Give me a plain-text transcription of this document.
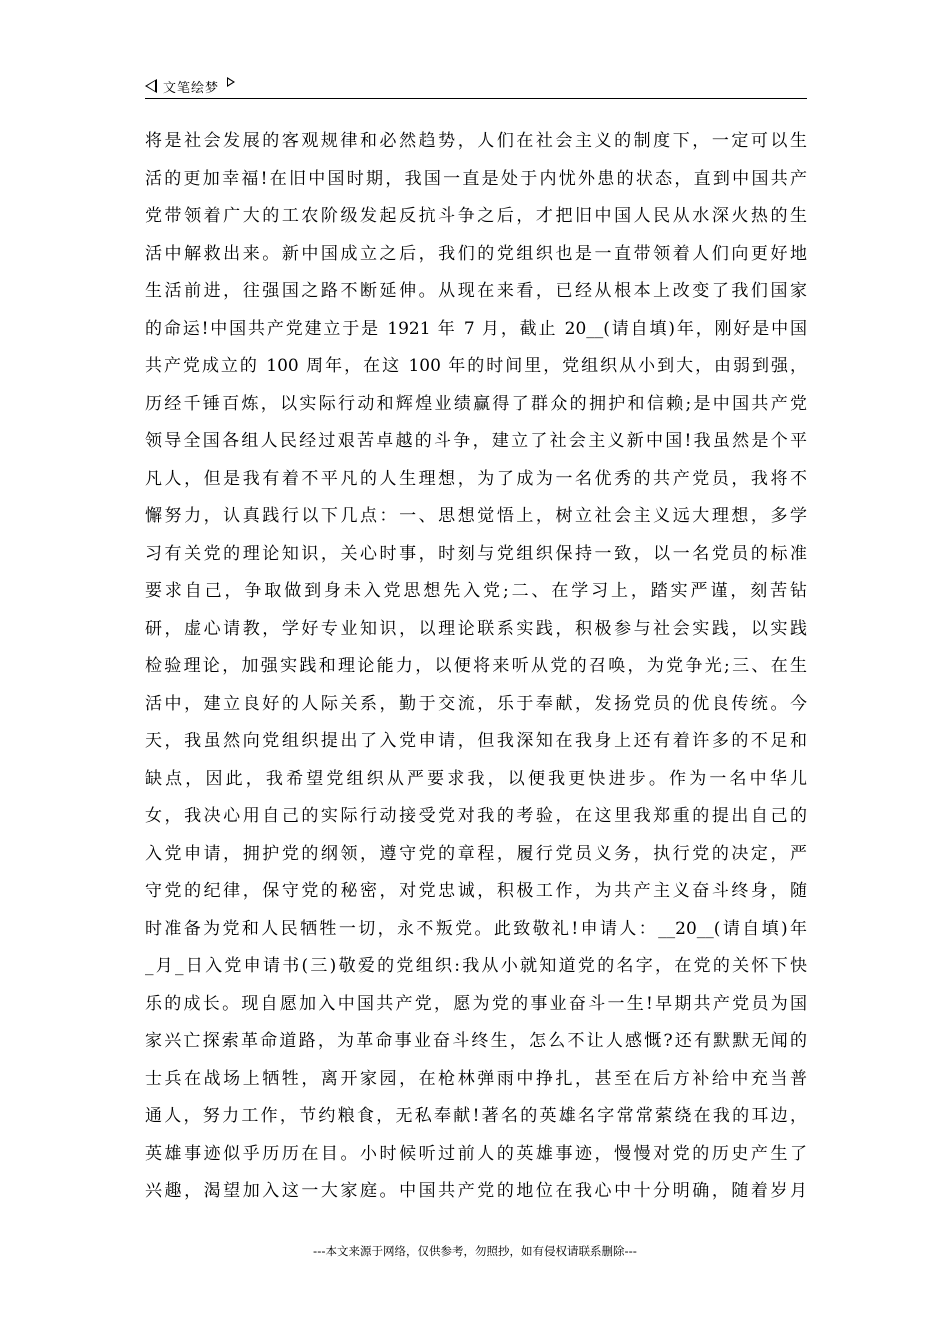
文笔绘梦
将是社会发展的客观规律和必然趋势，人们在社会主义的制度下，一定可以生
活的更加幸福!在旧中国时期，我国一直是处于内忧外患的状态，直到中国共产
党带领着广大的工农阶级发起反抗斗争之后，才把旧中国人民从水深火热的生
活中解救出来。新中国成立之后，我们的党组织也是一直带领着人们向更好地
生活前进，往强国之路不断延伸。从现在来看，已经从根本上改变了我们国家
的命运!中国共产党建立于是 1921 年 7 月，截止 20__(请自填)年，刚好是中国
共产党成立的 100 周年，在这 100 年的时间里，党组织从小到大，由弱到强，
历经千锤百炼，以实际行动和辉煌业绩赢得了群众的拥护和信赖;是中国共产党
领导全国各组人民经过艰苦卓越的斗争，建立了社会主义新中国!我虽然是个平
凡人，但是我有着不平凡的人生理想，为了成为一名优秀的共产党员，我将不
懈努力，认真践行以下几点：一、思想觉悟上，树立社会主义远大理想，多学
习有关党的理论知识，关心时事，时刻与党组织保持一致，以一名党员的标准
要求自己，争取做到身未入党思想先入党;二、在学习上，踏实严谨，刻苦钻
研，虚心请教，学好专业知识，以理论联系实践，积极参与社会实践，以实践
检验理论，加强实践和理论能力，以便将来听从党的召唤，为党争光;三、在生
活中，建立良好的人际关系，勤于交流，乐于奉献，发扬党员的优良传统。今
天，我虽然向党组织提出了入党申请，但我深知在我身上还有着许多的不足和
缺点，因此，我希望党组织从严要求我，以便我更快进步。作为一名中华儿
女，我决心用自己的实际行动接受党对我的考验，在这里我郑重的提出自己的
入党申请，拥护党的纲领，遵守党的章程，履行党员义务，执行党的决定，严
守党的纪律，保守党的秘密，对党忠诚，积极工作，为共产主义奋斗终身，随
时准备为党和人民牺牲一切，永不叛党。此致敬礼!申请人：__20__(请自填)年
_月_日入党申请书(三)敬爱的党组织:我从小就知道党的名字，在党的关怀下快
乐的成长。现自愿加入中国共产党，愿为党的事业奋斗一生!早期共产党员为国
家兴亡探索革命道路，为革命事业奋斗终生，怎么不让人感慨?还有默默无闻的
士兵在战场上牺牲，离开家园，在枪林弹雨中挣扎，甚至在后方补给中充当普
通人，努力工作，节约粮食，无私奉献!著名的英雄名字常常萦绕在我的耳边，
英雄事迹似乎历历在目。小时候听过前人的英雄事迹，慢慢对党的历史产生了
兴趣，渴望加入这一大家庭。中国共产党的地位在我心中十分明确，随着岁月
---本文来源于网络，仅供参考，勿照抄，如有侵权请联系删除---
